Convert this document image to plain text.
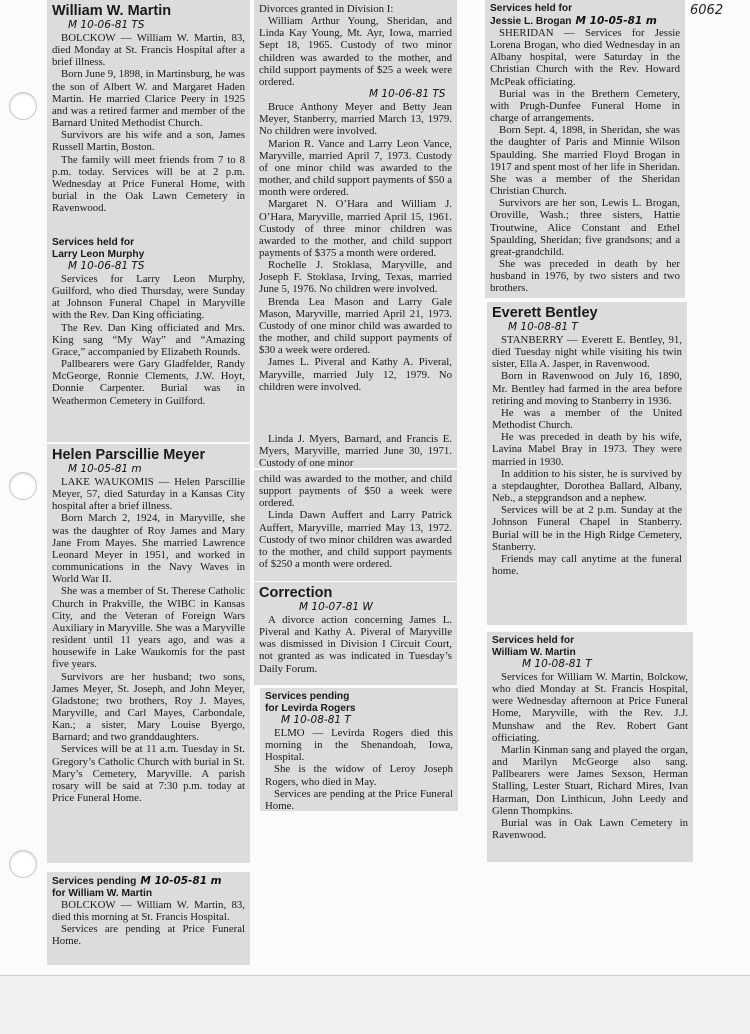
6062
William W. Martin
M 10-06-81 TS

BOLCKOW — William W. Martin, 83, died Monday at St. Francis Hospital after a brief illness.

Born June 9, 1898, in Martinsburg, he was the son of Albert W. and Margaret Haden Martin. He married Clarice Peery in 1925 and was a retired farmer and member of the Barnard United Methodist Church.

Survivors are his wife and a son, James Russell Martin, Boston.

The family will meet friends from 7 to 8 p.m. today. Services will be at 2 p.m. Wednesday at Price Funeral Home, with burial in the Oak Lawn Cemetery in Ravenwood.

Services held for
Larry Leon Murphy
M 10-06-81 TS

Services for Larry Leon Murphy, Guilford, who died Thursday, were Sunday at Johnson Funeral Chapel in Maryville with the Rev. Dan King officiating.

The Rev. Dan King officiated and Mrs. King sang “My Way” and “Amazing Grace,” accompanied by Elizabeth Rounds.

Pallbearers were Gary Gladfelder, Randy McGeorge, Ronnie Clements, J.W. Hoyt, Donnie Carpenter. Burial was in Weathermon Cemetery in Guilford.

Helen Parscillie Meyer
M 10-05-81 m

LAKE WAUKOMIS — Helen Parscillie Meyer, 57, died Saturday in a Kansas City hospital after a brief illness.

Born March 2, 1924, in Maryville, she was the daughter of Roy James and Mary Jane From Mayes. She married Lawrence Leonard Meyer in 1951, and worked in communications in the Navy Waves in World War II.

She was a member of St. Therese Catholic Church in Prakville, the WIBC in Kansas City, and the Veteran of Foreign Wars Auxiliary in Maryville. She was a Maryville resident until 11 years ago, and was a housewife in Lake Waukomis for the past five years.

Survivors are her husband; two sons, James Meyer, St. Joseph, and John Meyer, Gladstone; two brothers, Roy J. Mayes, Maryville, and Carl Mayes, Carbondale, Kan.; a sister, Mary Louise Byergo, Barnard; and two granddaughters.

Services will be at 11 a.m. Tuesday in St. Gregory’s Catholic Church with burial in St. Mary’s Cemetery, Maryville. A parish rosary will be said at 7:30 p.m. today at Price Funeral Home.

Services pending M 10-05-81 m
for William W. Martin

BOLCKOW — William W. Martin, 83, died this morning at St. Francis Hospital.

Services are pending at Price Funeral Home.

Divorces granted in Division I:

William Arthur Young, Sheridan, and Linda Kay Young, Mt. Ayr, Iowa, married Sept 18, 1965. Custody of two minor children was awarded to the mother, and child support payments of $25 a week were ordered.

M 10-06-81 TS

Bruce Anthony Meyer and Betty Jean Meyer, Stanberry, married March 13, 1979. No children were involved.

Marion R. Vance and Larry Leon Vance, Maryville, married April 7, 1973. Custody of one minor child was awarded to the mother, and child support payments of $50 a month were ordered.

Margaret N. O’Hara and William J. O’Hara, Maryville, married April 15, 1961. Custody of three minor children was awarded to the mother, and child support payments of $375 a month were ordered.

Rochelle J. Stoklasa, Maryville, and Joseph F. Stoklasa, Irving, Texas, married June 5, 1976. No children were involved.

Brenda Lea Mason and Larry Gale Mason, Maryville, married April 21, 1973. Custody of one minor child was awarded to the mother, and child support payments of $30 a week were ordered.

James L. Piveral and Kathy A. Piveral, Maryville, married July 12, 1979. No children were involved.

Linda J. Myers, Barnard, and Francis E. Myers, Maryville, married June 30, 1971. Custody of one minor

child was awarded to the mother, and child support payments of $50 a week were ordered.

Linda Dawn Auffert and Larry Patrick Auffert, Maryville, married May 13, 1972. Custody of two minor children was awarded to the mother, and child support payments of $250 a month were ordered.

Correction
M 10-07-81 W

A divorce action concerning James L. Piveral and Kathy A. Piveral of Maryville was dismissed in Division I Circuit Court, not granted as was indicated in Tuesday’s Daily Forum.

Services pending
for Levirda Rogers
M 10-08-81 T

ELMO — Levirda Rogers died this morning in the Shenandoah, Iowa, Hospital.

She is the widow of Leroy Joseph Rogers, who died in May.

Services are pending at the Price Funeral Home.

Services held for
Jessie L. Brogan M 10-05-81 m

SHERIDAN — Services for Jessie Lorena Brogan, who died Wednesday in an Albany hospital, were Saturday in the Christian Church with the Rev. Howard McPeak officiating.

Burial was in the Brethern Cemetery, with Prugh-Dunfee Funeral Home in charge of arrangements.

Born Sept. 4, 1898, in Sheridan, she was the daughter of Paris and Minnie Wilson Spaulding. She married Floyd Brogan in 1917 and spent most of her life in Sheridan. She was a member of the Sheridan Christian Church.

Survivors are her son, Lewis L. Brogan, Oroville, Wash.; three sisters, Hattie Troutwine, Alice Constant and Ethel Spaulding, Sheridan; five grandsons; and a great-grandchild.

She was preceded in death by her husband in 1976, by two sisters and two brothers.

Everett Bentley
M 10-08-81 T

STANBERRY — Everett E. Bentley, 91, died Tuesday night while visiting his twin sister, Ella A. Jasper, in Ravenwood.

Born in Ravenwood on July 16, 1890, Mr. Bentley had farmed in the area before retiring and moving to Stanberry in 1936.

He was a member of the United Methodist Church.

He was preceded in death by his wife, Lavina Mabel Bray in 1973. They were married in 1930.

In addition to his sister, he is survived by a stepdaughter, Dorothea Ballard, Albany, Neb., a stepgrandson and a nephew.

Services will be at 2 p.m. Sunday at the Johnson Funeral Chapel in Stanberry. Burial will be in the High Ridge Cemetery, Stanberry.

Friends may call anytime at the funeral home.

Services held for
William W. Martin
M 10-08-81 T

Services for William W. Martin, Bolckow, who died Monday at St. Francis Hospital, were Wednesday afternoon at Price Funeral Home, Maryville, with the Rev. J.J. Munshaw and the Rev. Robert Gant officiating.

Marlin Kinman sang and played the organ, and Marilyn McGeorge also sang. Pallbearers were James Sexson, Herman Stalling, Lester Stuart, Richard Mires, Ivan Harman, Don Linthicun, John Leedy and Glenn Thompkins.

Burial was in Oak Lawn Cemetery in Ravenwood.
